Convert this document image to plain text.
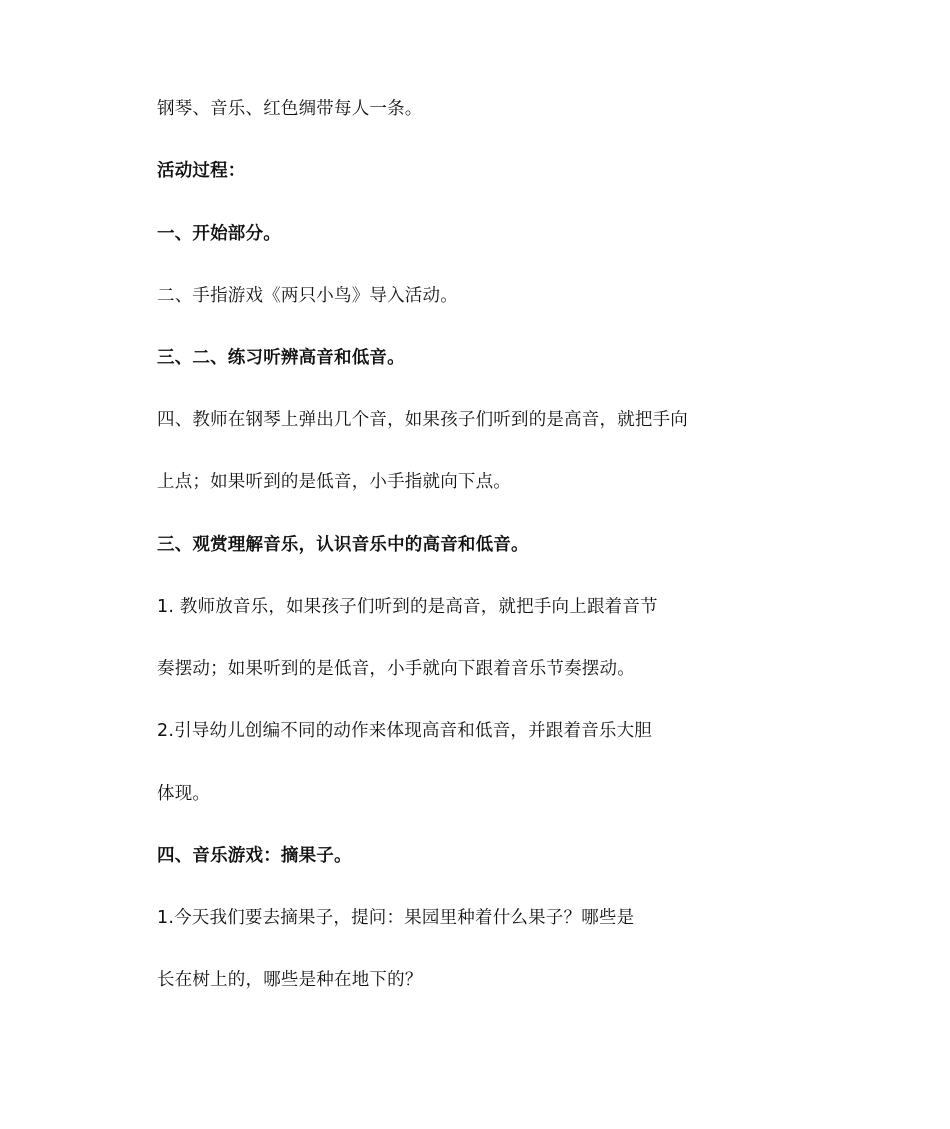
钢琴、音乐、红色绸带每人一条。
活动过程：
一、开始部分。
二、手指游戏《两只小鸟》导入活动。
三、二、练习听辨高音和低音。
四、教师在钢琴上弹出几个音，如果孩子们听到的是高音，就把手向
上点；如果听到的是低音，小手指就向下点。
三、观赏理解音乐，认识音乐中的高音和低音。
1. 教师放音乐，如果孩子们听到的是高音，就把手向上跟着音节
奏摆动；如果听到的是低音，小手就向下跟着音乐节奏摆动。
2.引导幼儿创编不同的动作来体现高音和低音，并跟着音乐大胆
体现。
四、音乐游戏：摘果子。
1.今天我们要去摘果子，提问：果园里种着什么果子？哪些是
长在树上的，哪些是种在地下的？
